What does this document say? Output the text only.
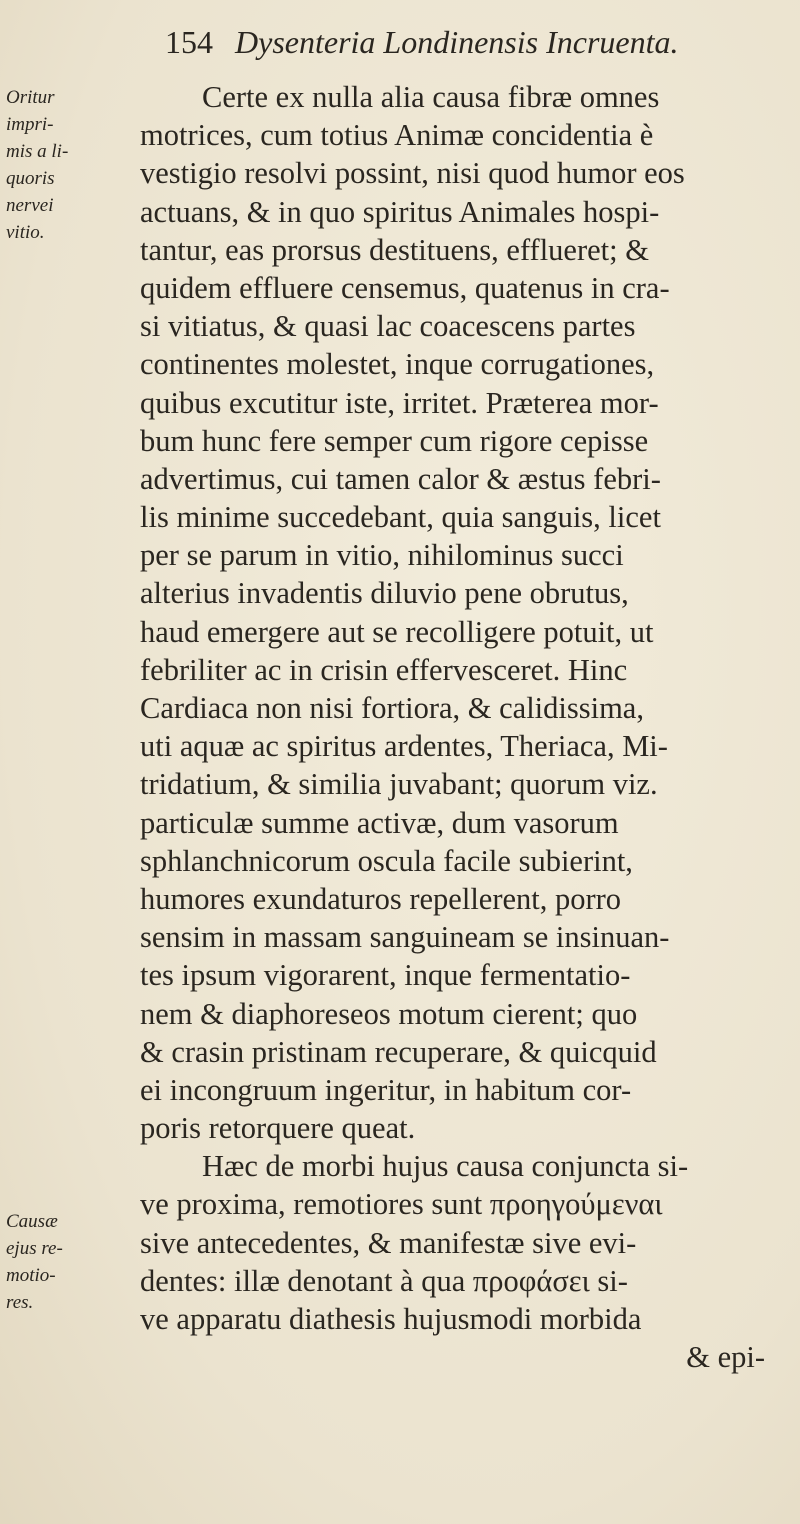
154 Dysenteria Londinensis Incruenta.
Oritur
impri-
mis a li-
quoris
nervei
vitio.
Causæ
ejus re-
motio-
res.
Certe ex nulla alia causa fibræ omnes
motrices, cum totius Animæ concidentia è
vestigio resolvi possint, nisi quod humor eos
actuans, & in quo spiritus Animales hospi-
tantur, eas prorsus destituens, efflueret; &
quidem effluere censemus, quatenus in cra-
si vitiatus, & quasi lac coacescens partes
continentes molestet, inque corrugationes,
quibus excutitur iste, irritet. Præterea mor-
bum hunc fere semper cum rigore cepisse
advertimus, cui tamen calor & æstus febri-
lis minime succedebant, quia sanguis, licet
per se parum in vitio, nihilominus succi
alterius invadentis diluvio pene obrutus,
haud emergere aut se recolligere potuit, ut
febriliter ac in crisin effervesceret. Hinc
Cardiaca non nisi fortiora, & calidissima,
uti aquæ ac spiritus ardentes, Theriaca, Mi-
tridatium, & similia juvabant; quorum viz.
particulæ summe activæ, dum vasorum
sphlanchnicorum oscula facile subierint,
humores exundaturos repellerent, porro
sensim in massam sanguineam se insinuan-
tes ipsum vigorarent, inque fermentatio-
nem & diaphoreseos motum cierent; quo
& crasin pristinam recuperare, & quicquid
ei incongruum ingeritur, in habitum cor-
poris retorquere queat.
Hæc de morbi hujus causa conjuncta si-
ve proxima, remotiores sunt προηγούμεναι
sive antecedentes, & manifestæ sive evi-
dentes: illæ denotant à qua προφάσει si-
ve apparatu diathesis hujusmodi morbida
& epi-
